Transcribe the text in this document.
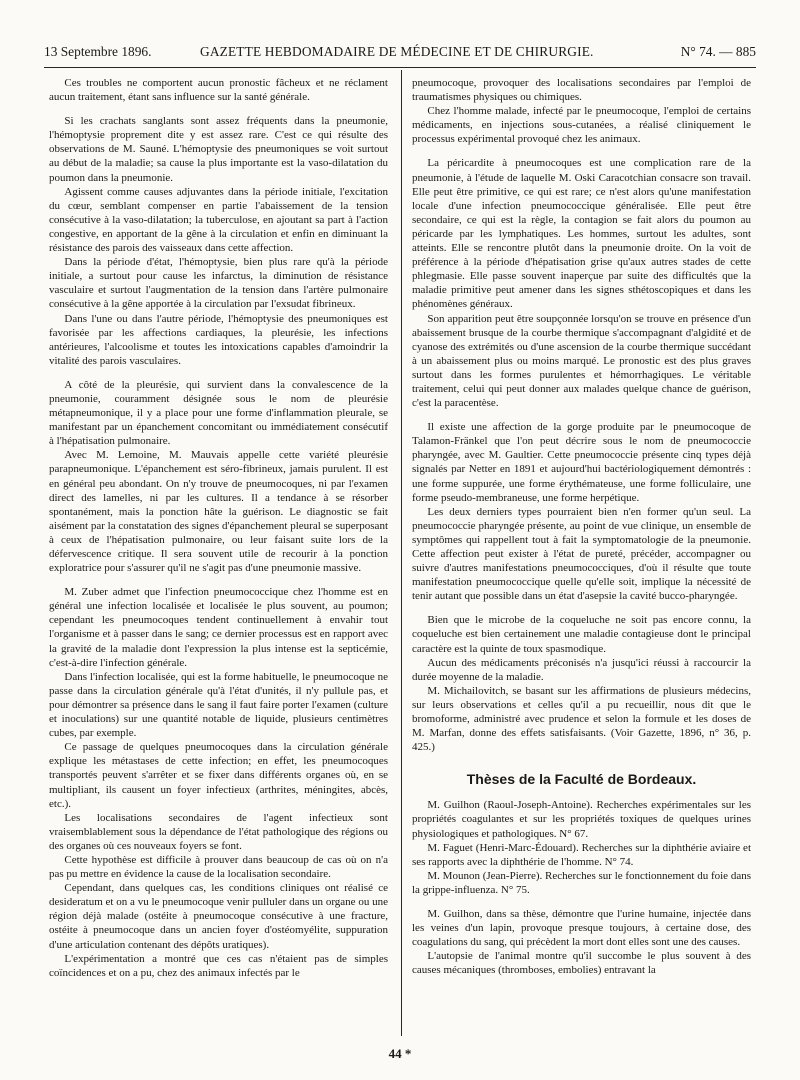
13 Septembre 1896.	GAZETTE HEBDOMADAIRE DE MÉDECINE ET DE CHIRURGIE.	N° 74. — 885

Ces troubles ne comportent aucun pronostic fâcheux et ne réclament aucun traitement, étant sans influence sur la santé générale.

Si les crachats sanglants sont assez fréquents dans la pneumonie, l'hémoptysie proprement dite y est assez rare. C'est ce qui résulte des observations de M. Sauné. L'hémoptysie des pneumoniques se voit surtout au début de la maladie; sa cause la plus importante est la vaso-dilatation du poumon dans la pneumonie.

Agissent comme causes adjuvantes dans la période initiale, l'excitation du cœur, semblant compenser en partie l'abaissement de la tension consécutive à la vaso-dilatation; la tuberculose, en ajoutant sa part à l'action congestive, en apportant de la gêne à la circulation et enfin en diminuant la résistance des parois des vaisseaux dans cette affection.

Dans la période d'état, l'hémoptysie, bien plus rare qu'à la période initiale, a surtout pour cause les infarctus, la diminution de résistance vasculaire et surtout l'augmentation de la tension dans l'artère pulmonaire consécutive à la gêne apportée à la circulation par l'exsudat fibrineux.

Dans l'une ou dans l'autre période, l'hémoptysie des pneumoniques est favorisée par les affections cardiaques, la pleurésie, les infections antérieures, l'alcoolisme et toutes les intoxications capables d'amoindrir la vitalité des parois vasculaires.

A côté de la pleurésie, qui survient dans la convalescence de la pneumonie, couramment désignée sous le nom de pleurésie métapneumonique, il y a place pour une forme d'inflammation pleurale, se manifestant par un épanchement concomitant ou immédiatement consécutif à l'hépatisation pulmonaire.

Avec M. Lemoine, M. Mauvais appelle cette variété pleurésie parapneumonique. L'épanchement est séro-fibrineux, jamais purulent. Il est en général peu abondant. On n'y trouve de pneumocoques, ni par l'examen direct des lamelles, ni par les cultures. Il a tendance à se résorber spontanément, mais la ponction hâte la guérison. Le diagnostic se fait aisément par la constatation des signes d'épanchement pleural se superposant à ceux de l'hépatisation pulmonaire, ou leur faisant suite lors de la défervescence critique. Il sera souvent utile de recourir à la ponction exploratrice pour s'assurer qu'il ne s'agit pas d'une pneumonie massive.

M. Zuber admet que l'infection pneumococcique chez l'homme est en général une infection localisée et localisée le plus souvent, au poumon; cependant les pneumocoques tendent continuellement à envahir tout l'organisme et à passer dans le sang; ce dernier processus est en rapport avec la gravité de la maladie dont l'expression la plus intense est la septicémie, c'est-à-dire l'infection générale.

Dans l'infection localisée, qui est la forme habituelle, le pneumocoque ne passe dans la circulation générale qu'à l'état d'unités, il n'y pullule pas, et pour démontrer sa présence dans le sang il faut faire porter l'examen (culture et inoculations) sur une quantité notable de liquide, plusieurs centimètres cubes, par exemple.

Ce passage de quelques pneumocoques dans la circulation générale explique les métastases de cette infection; en effet, les pneumocoques transportés peuvent s'arrêter et se fixer dans différents organes où, en se multipliant, ils causent un foyer infectieux (arthrites, méningites, abcès, etc.).

Les localisations secondaires de l'agent infectieux sont vraisemblablement sous la dépendance de l'état pathologique des régions ou des organes où ces nouveaux foyers se font.

Cette hypothèse est difficile à prouver dans beaucoup de cas où on n'a pas pu mettre en évidence la cause de la localisation secondaire.

Cependant, dans quelques cas, les conditions cliniques ont réalisé ce desideratum et on a vu le pneumocoque venir pulluler dans un organe ou une région déjà malade (ostéite à pneumocoque consécutive à une fracture, ostéite à pneumocoque dans un ancien foyer d'ostéomyélite, suppuration d'une articulation contenant des dépôts uratiques).

L'expérimentation a montré que ces cas n'étaient pas de simples coïncidences et on a pu, chez des animaux infectés par le

pneumocoque, provoquer des localisations secondaires par l'emploi de traumatismes physiques ou chimiques.

Chez l'homme malade, infecté par le pneumocoque, l'emploi de certains médicaments, en injections sous-cutanées, a réalisé cliniquement le processus expérimental provoqué chez les animaux.

La péricardite à pneumocoques est une complication rare de la pneumonie, à l'étude de laquelle M. Oski Caracotchian consacre son travail. Elle peut être primitive, ce qui est rare; ce n'est alors qu'une manifestation locale d'une infection pneumococcique généralisée. Elle peut être secondaire, ce qui est la règle, la contagion se fait alors du poumon au péricarde par les lymphatiques. Les hommes, surtout les adultes, sont atteints. Elle se rencontre plutôt dans la pneumonie droite. On la voit de préférence à la période d'hépatisation grise qu'aux autres stades de cette phlegmasie. Elle passe souvent inaperçue par suite des difficultés que la maladie primitive peut amener dans les signes sthétoscopiques et dans les phénomènes généraux.

Son apparition peut être soupçonnée lorsqu'on se trouve en présence d'un abaissement brusque de la courbe thermique s'accompagnant d'algidité et de cyanose des extrémités ou d'une ascension de la courbe thermique succédant à un abaissement plus ou moins marqué. Le pronostic est des plus graves surtout dans les formes purulentes et hémorrhagiques. Le véritable traitement, celui qui peut donner aux malades quelque chance de guérison, c'est la paracentèse.

Il existe une affection de la gorge produite par le pneumocoque de Talamon-Fränkel que l'on peut décrire sous le nom de pneumococcie pharyngée, avec M. Gaultier. Cette pneumococcie présente cinq types déjà signalés par Netter en 1891 et aujourd'hui bactériologiquement démontrés : une forme suppurée, une forme érythémateuse, une forme folliculaire, une forme pseudo-membraneuse, une forme herpétique.

Les deux derniers types pourraient bien n'en former qu'un seul. La pneumococcie pharyngée présente, au point de vue clinique, un ensemble de symptômes qui rappellent tout à fait la symptomatologie de la pneumonie. Cette affection peut exister à l'état de pureté, précéder, accompagner ou suivre d'autres manifestations pneumococciques, d'où il résulte que toute manifestation pneumococcique quelle qu'elle soit, implique la nécessité de tenir autant que possible dans un état d'asepsie la cavité bucco-pharyngée.

Bien que le microbe de la coqueluche ne soit pas encore connu, la coqueluche est bien certainement une maladie contagieuse dont le principal caractère est la quinte de toux spasmodique.

Aucun des médicaments préconisés n'a jusqu'ici réussi à raccourcir la durée moyenne de la maladie.

M. Michailovitch, se basant sur les affirmations de plusieurs médecins, sur leurs observations et celles qu'il a pu recueillir, nous dit que le bromoforme, administré avec prudence et selon la formule et les doses de M. Marfan, donne des effets satisfaisants. (Voir Gazette, 1896, n° 36, p. 425.)

Thèses de la Faculté de Bordeaux.

M. Guilhon (Raoul-Joseph-Antoine). Recherches expérimentales sur les propriétés coagulantes et sur les propriétés toxiques de quelques urines physiologiques et pathologiques. N° 67.

M. Faguet (Henri-Marc-Édouard). Recherches sur la diphthérie aviaire et ses rapports avec la diphthérie de l'homme. N° 74.

M. Mounon (Jean-Pierre). Recherches sur le fonctionnement du foie dans la grippe-influenza. N° 75.

M. Guilhon, dans sa thèse, démontre que l'urine humaine, injectée dans les veines d'un lapin, provoque presque toujours, à certaine dose, des coagulations du sang, qui précèdent la mort dont elles sont une des causes.

L'autopsie de l'animal montre qu'il succombe le plus souvent à des causes mécaniques (thromboses, embolies) entravant la

44 *
